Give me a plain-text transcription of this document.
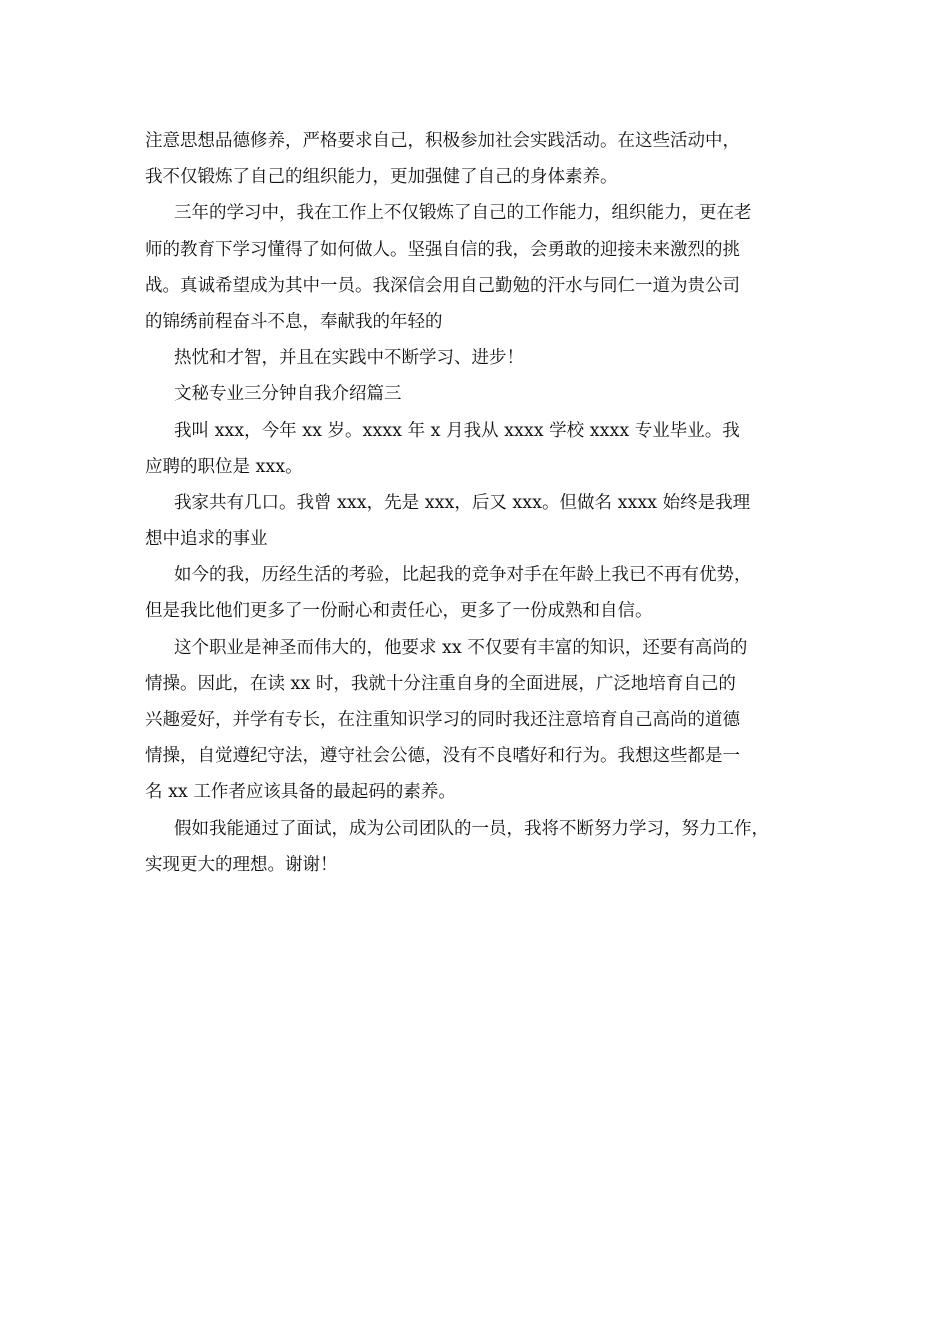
注意思想品德修养，严格要求自己，积极参加社会实践活动。在这些活动中，
我不仅锻炼了自己的组织能力，更加强健了自己的身体素养。
三年的学习中，我在工作上不仅锻炼了自己的工作能力，组织能力，更在老
师的教育下学习懂得了如何做人。坚强自信的我，会勇敢的迎接未来激烈的挑
战。真诚希望成为其中一员。我深信会用自己勤勉的汗水与同仁一道为贵公司
的锦绣前程奋斗不息，奉献我的年轻的
热忱和才智，并且在实践中不断学习、进步！
文秘专业三分钟自我介绍篇三
我叫 xxx，今年 xx 岁。xxxx 年 x 月我从 xxxx 学校 xxxx 专业毕业。我
应聘的职位是 xxx。
我家共有几口。我曾 xxx，先是 xxx，后又 xxx。但做名 xxxx 始终是我理
想中追求的事业
如今的我，历经生活的考验，比起我的竞争对手在年龄上我已不再有优势，
但是我比他们更多了一份耐心和责任心，更多了一份成熟和自信。
这个职业是神圣而伟大的，他要求 xx 不仅要有丰富的知识，还要有高尚的
情操。因此，在读 xx 时，我就十分注重自身的全面进展，广泛地培育自己的
兴趣爱好，并学有专长，在注重知识学习的同时我还注意培育自己高尚的道德
情操，自觉遵纪守法，遵守社会公德，没有不良嗜好和行为。我想这些都是一
名 xx 工作者应该具备的最起码的素养。
假如我能通过了面试，成为公司团队的一员，我将不断努力学习，努力工作，
实现更大的理想。谢谢！
